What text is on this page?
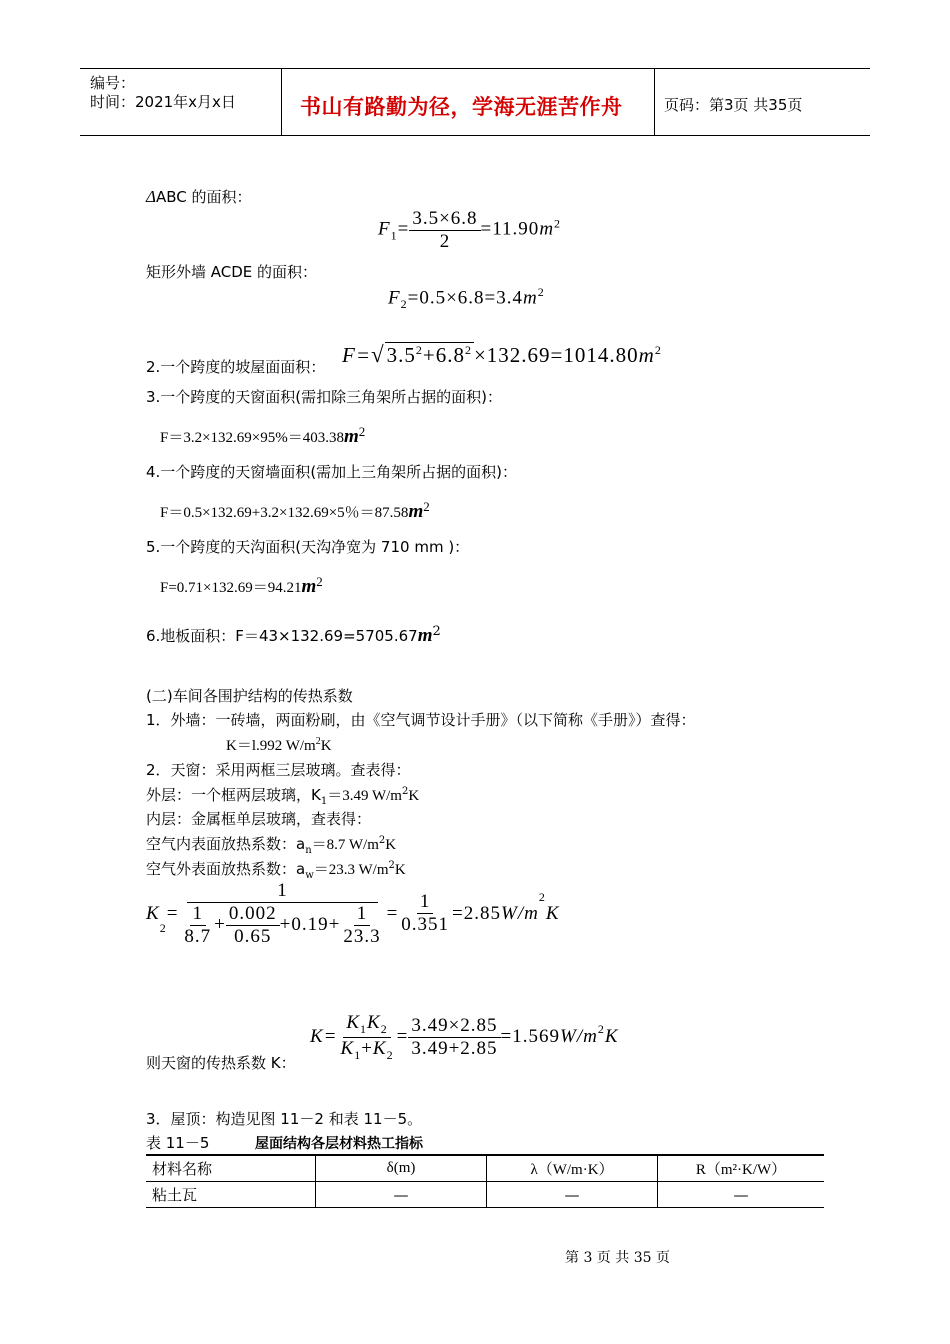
编号：
时间：2021年x月x日	书山有路勤为径，学海无涯苦作舟	页码：第3页 共35页
ΔABC 的面积：
$F_1= \frac{3.5\times 6.8}{2} =11.90m^2$
矩形外墙 ACDE 的面积：
$F_2=0.5\times 6.8=3.4m^2$
2.一个跨度的坡屋面面积： $F=√3.5^2+6.8^2\times 132.69=1014.80m^2$
3.一个跨度的天窗面积(需扣除三角架所占据的面积)：
$F=3.2\times 132.69\times 95\%=403.38m^2$
4.一个跨度的天窗墙面积(需加上三角架所占据的面积)：
F＝0.5×132.69+3.2×132.69×5％$=87.58m^2$
5.一个跨度的天沟面积(天沟净宽为 710 mm )：
$F=0.71\times 132.69=94.21m^2$
6.地板面积：$F=43\times 132.69=5705.67m^2$
(二)车间各围护结构的传热系数
1．外墙：一砖墙，两面粉刷，由《空气调节设计手册》（以下简称《手册》）查得：
K＝l.992 $W/m^2K$
2．天窗：采用两框三层玻璃。查表得：
外层：一个框两层玻璃，$K_1=3.49$ $W/m^2K$
内层：金属框单层玻璃，查表得：
空气内表面放热系数：$a_n=8.7$ $W/m^2K$
空气外表面放热系数：$a_w=23.3$ $W/m^2K$
K
$_2$
= $\frac{1}{\frac{1}{8.7} + \frac{0.002}{0.65} +0.19+ \frac{1}{23.3}} = \frac{1}{0.351} =2.85$ W/m
$^2$
K
$K= \frac{K_1K_2}{K_1+K_2} = \frac{3.49\times 2.85}{3.49+2.85} =1.569$ $W/m^2$ K
则天窗的传热系数 K：
3．屋顶：构造见图 11－2 和表 11－5。
表 11－5	屋面结构各层材料热工指标
材料名称	δ(m)	λ（W/m·K）	R（m²·K/W）
粘土瓦	—	—	—
第 3 页 共 35 页
